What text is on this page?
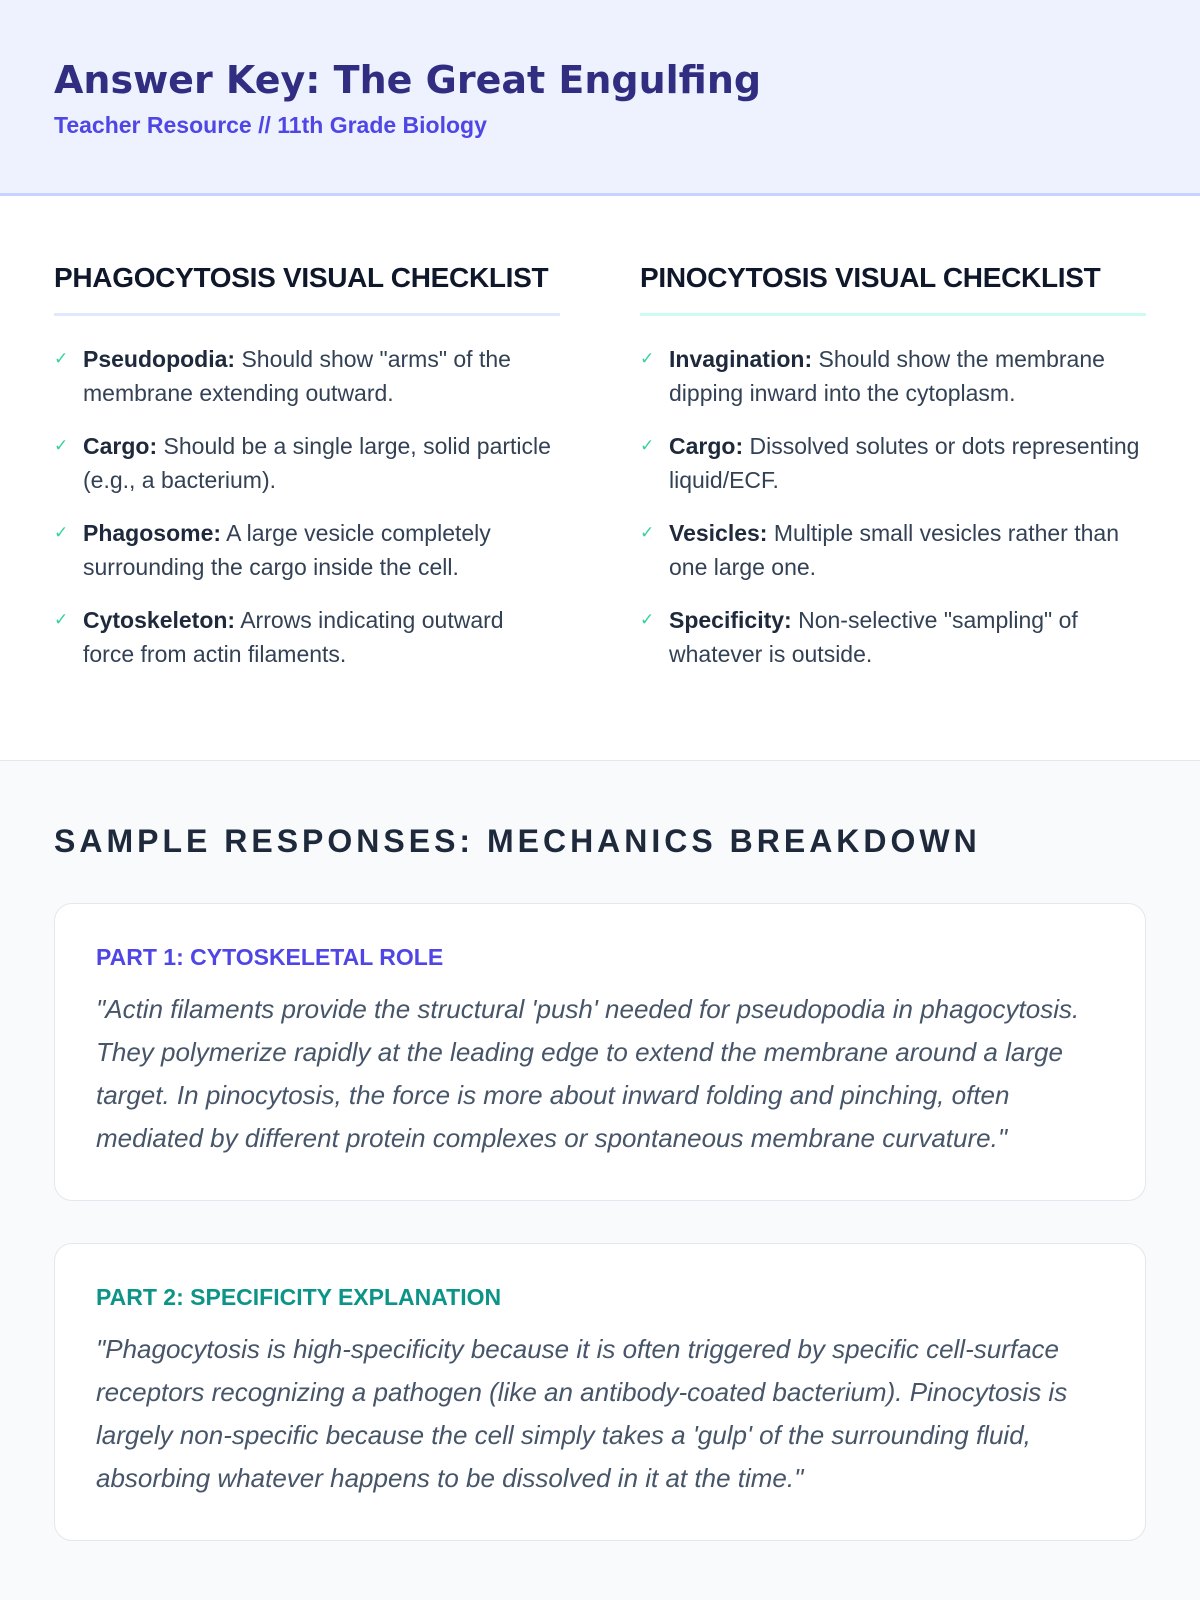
Answer Key: The Great Engulfing
Teacher Resource // 11th Grade Biology
PHAGOCYTOSIS VISUAL CHECKLIST
✓ Pseudopodia: Should show "arms" of the membrane extending outward.
✓ Cargo: Should be a single large, solid particle (e.g., a bacterium).
✓ Phagosome: A large vesicle completely surrounding the cargo inside the cell.
✓ Cytoskeleton: Arrows indicating outward force from actin filaments.
PINOCYTOSIS VISUAL CHECKLIST
✓ Invagination: Should show the membrane dipping inward into the cytoplasm.
✓ Cargo: Dissolved solutes or dots representing liquid/ECF.
✓ Vesicles: Multiple small vesicles rather than one large one.
✓ Specificity: Non-selective "sampling" of whatever is outside.
SAMPLE RESPONSES: MECHANICS BREAKDOWN
PART 1: CYTOSKELETAL ROLE

"Actin filaments provide the structural 'push' needed for pseudopodia in phagocytosis. They polymerize rapidly at the leading edge to extend the membrane around a large target. In pinocytosis, the force is more about inward folding and pinching, often mediated by different protein complexes or spontaneous membrane curvature."

PART 2: SPECIFICITY EXPLANATION

"Phagocytosis is high-specificity because it is often triggered by specific cell-surface receptors recognizing a pathogen (like an antibody-coated bacterium). Pinocytosis is largely non-specific because the cell simply takes a 'gulp' of the surrounding fluid, absorbing whatever happens to be dissolved in it at the time."
